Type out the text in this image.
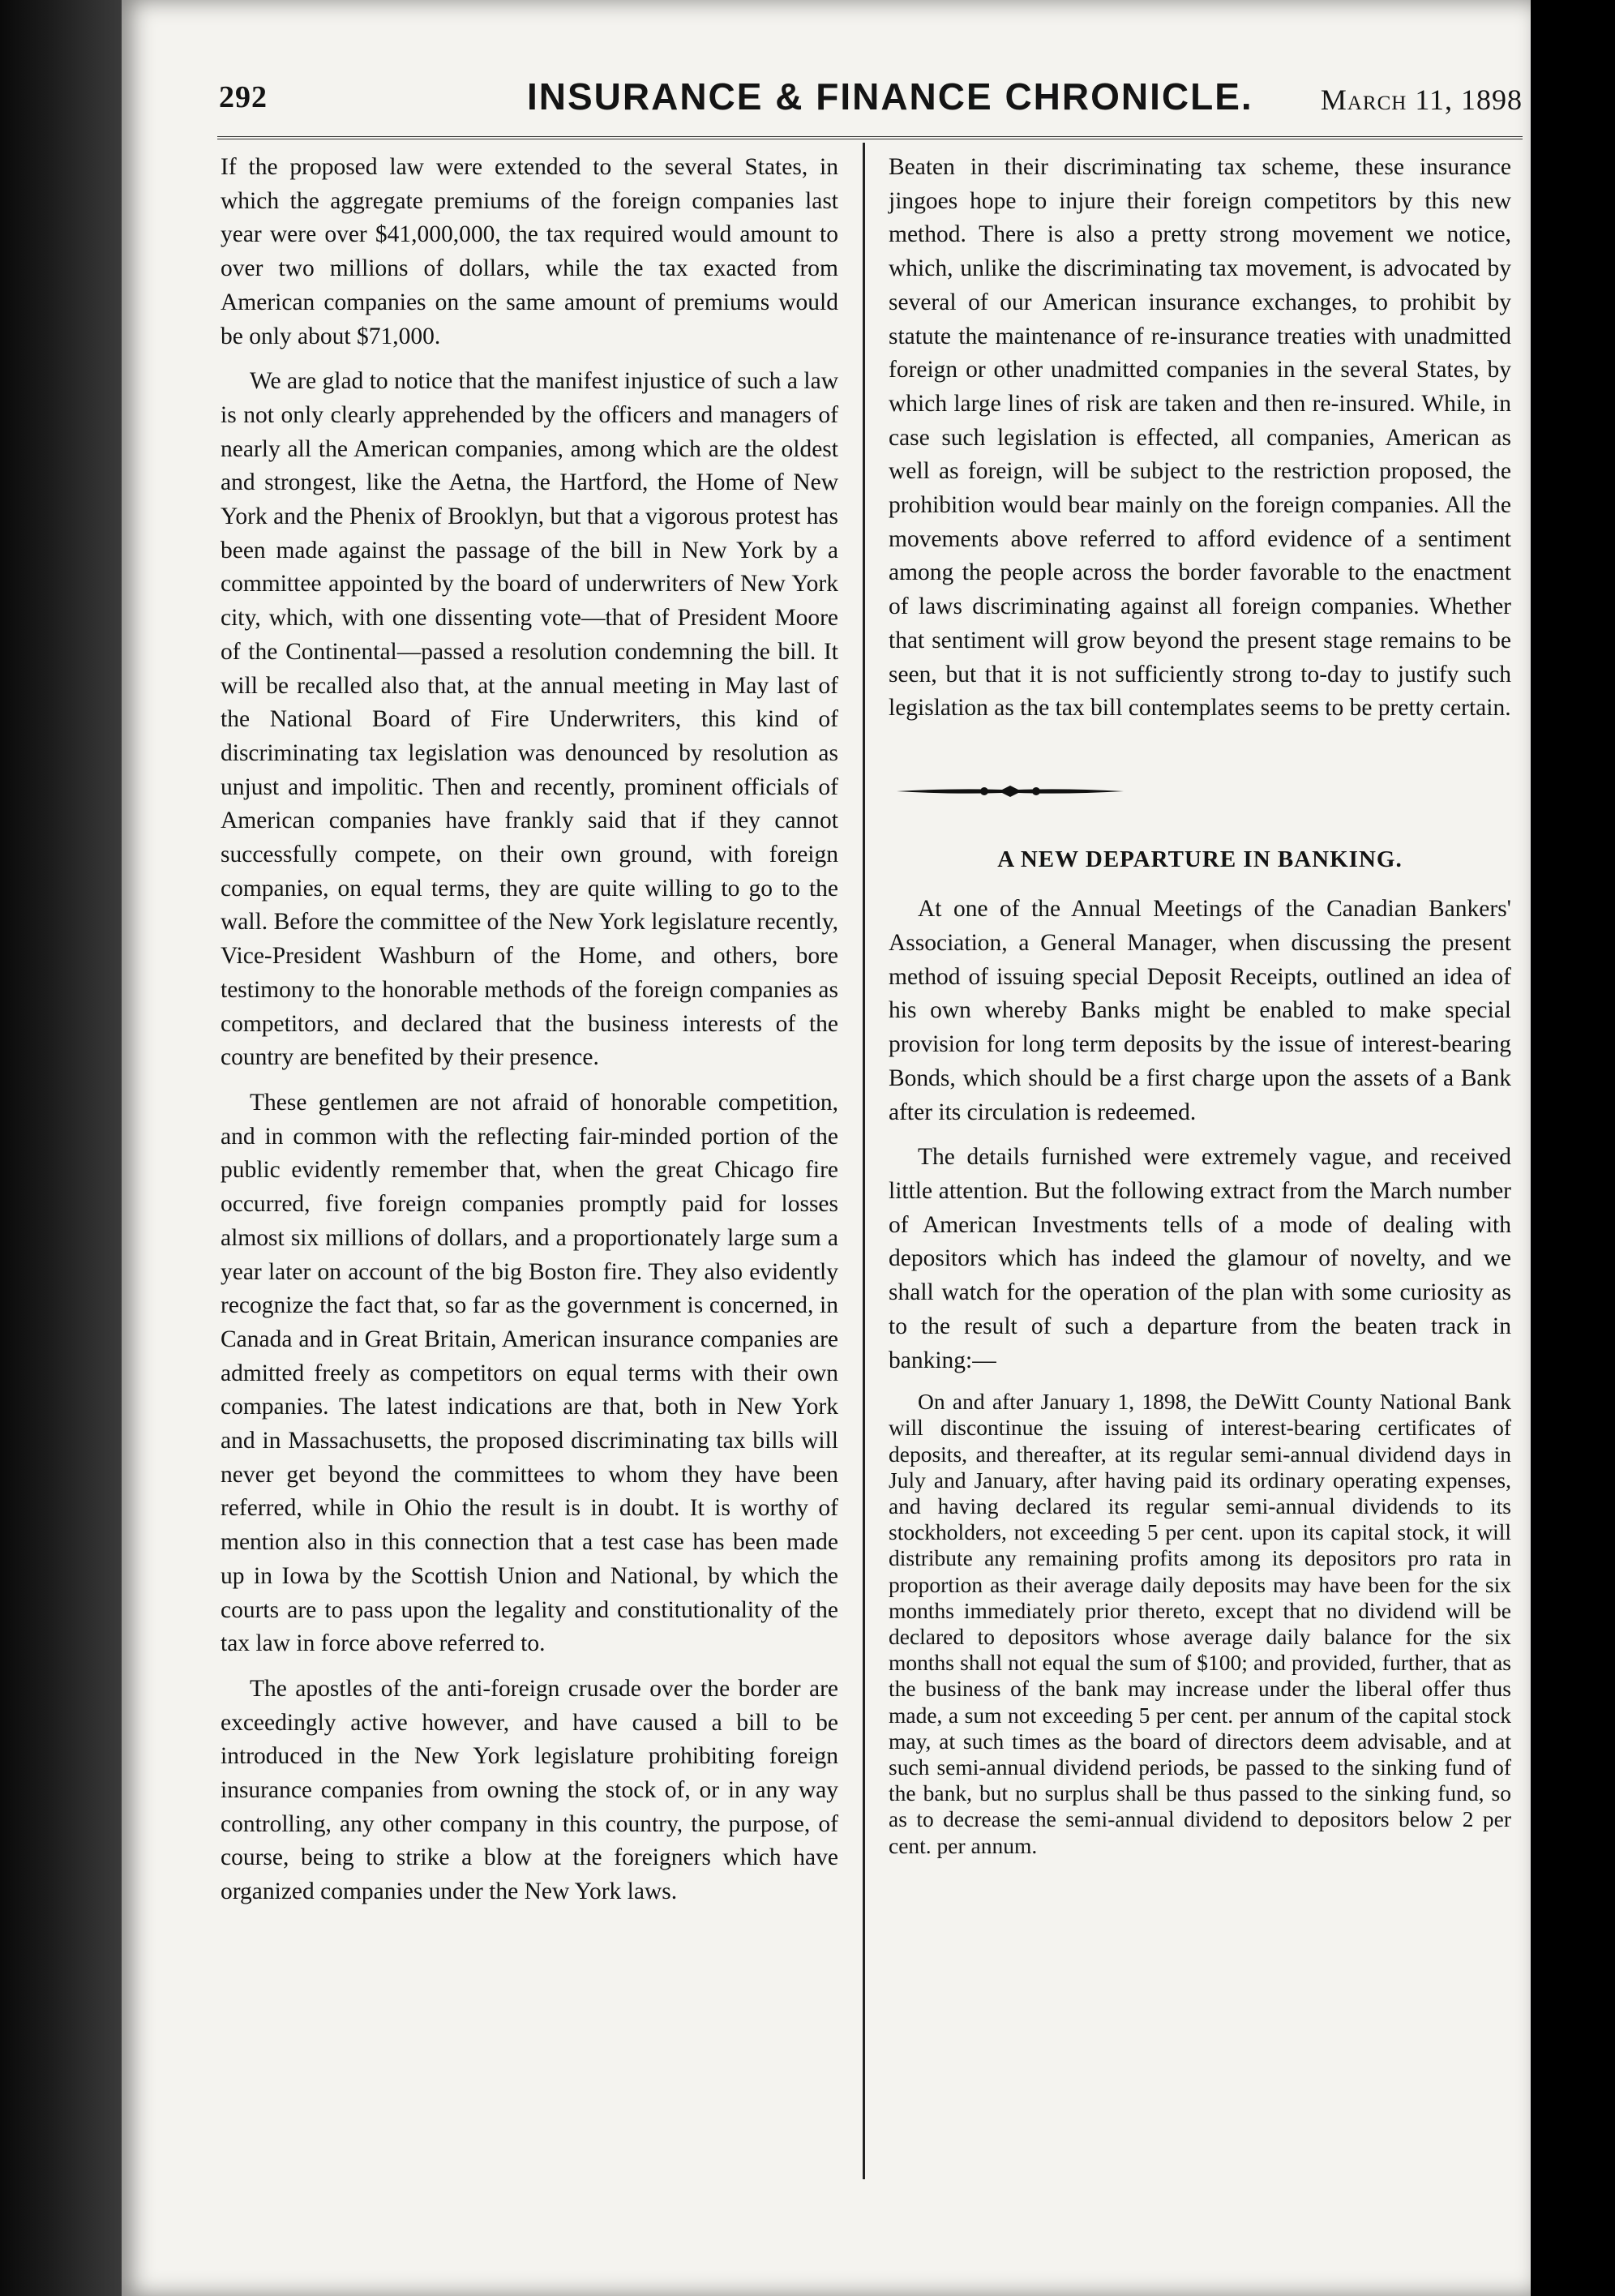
292	INSURANCE & FINANCE CHRONICLE. March 11, 1898

If the proposed law were extended to the several States, in which the aggregate premiums of the foreign companies last year were over $41,000,000, the tax required would amount to over two millions of dollars, while the tax exacted from American companies on the same amount of premiums would be only about $71,000.

We are glad to notice that the manifest injustice of such a law is not only clearly apprehended by the officers and managers of nearly all the American companies, among which are the oldest and strongest, like the Aetna, the Hartford, the Home of New York and the Phenix of Brooklyn, but that a vigorous protest has been made against the passage of the bill in New York by a committee appointed by the board of underwriters of New York city, which, with one dissenting vote—that of President Moore of the Continental—passed a resolution condemning the bill. It will be recalled also that, at the annual meeting in May last of the National Board of Fire Underwriters, this kind of discriminating tax legislation was denounced by resolution as unjust and impolitic. Then and recently, prominent officials of American companies have frankly said that if they cannot successfully compete, on their own ground, with foreign companies, on equal terms, they are quite willing to go to the wall. Before the committee of the New York legislature recently, Vice-President Washburn of the Home, and others, bore testimony to the honorable methods of the foreign companies as competitors, and declared that the business interests of the country are benefited by their presence.

These gentlemen are not afraid of honorable competition, and in common with the reflecting fair-minded portion of the public evidently remember that, when the great Chicago fire occurred, five foreign companies promptly paid for losses almost six millions of dollars, and a proportionately large sum a year later on account of the big Boston fire. They also evidently recognize the fact that, so far as the government is concerned, in Canada and in Great Britain, American insurance companies are admitted freely as competitors on equal terms with their own companies. The latest indications are that, both in New York and in Massachusetts, the proposed discriminating tax bills will never get beyond the committees to whom they have been referred, while in Ohio the result is in doubt. It is worthy of mention also in this connection that a test case has been made up in Iowa by the Scottish Union and National, by which the courts are to pass upon the legality and constitutionality of the tax law in force above referred to.

The apostles of the anti-foreign crusade over the border are exceedingly active however, and have caused a bill to be introduced in the New York legislature prohibiting foreign insurance companies from owning the stock of, or in any way controlling, any other company in this country, the purpose, of course, being to strike a blow at the foreigners which have organized companies under the New York laws.

Beaten in their discriminating tax scheme, these insurance jingoes hope to injure their foreign competitors by this new method. There is also a pretty strong movement we notice, which, unlike the discriminating tax movement, is advocated by several of our American insurance exchanges, to prohibit by statute the maintenance of re-insurance treaties with unadmitted foreign or other unadmitted companies in the several States, by which large lines of risk are taken and then re-insured. While, in case such legislation is effected, all companies, American as well as foreign, will be subject to the restriction proposed, the prohibition would bear mainly on the foreign companies. All the movements above referred to afford evidence of a sentiment among the people across the border favorable to the enactment of laws discriminating against all foreign companies. Whether that sentiment will grow beyond the present stage remains to be seen, but that it is not sufficiently strong to-day to justify such legislation as the tax bill contemplates seems to be pretty certain.

A NEW DEPARTURE IN BANKING.

At one of the Annual Meetings of the Canadian Bankers' Association, a General Manager, when discussing the present method of issuing special Deposit Receipts, outlined an idea of his own whereby Banks might be enabled to make special provision for long term deposits by the issue of interest-bearing Bonds, which should be a first charge upon the assets of a Bank after its circulation is redeemed.

The details furnished were extremely vague, and received little attention. But the following extract from the March number of American Investments tells of a mode of dealing with depositors which has indeed the glamour of novelty, and we shall watch for the operation of the plan with some curiosity as to the result of such a departure from the beaten track in banking:—

On and after January 1, 1898, the DeWitt County National Bank will discontinue the issuing of interest-bearing certificates of deposits, and thereafter, at its regular semi-annual dividend days in July and January, after having paid its ordinary operating expenses, and having declared its regular semi-annual dividends to its stockholders, not exceeding 5 per cent. upon its capital stock, it will distribute any remaining profits among its depositors pro rata in proportion as their average daily deposits may have been for the six months immediately prior thereto, except that no dividend will be declared to depositors whose average daily balance for the six months shall not equal the sum of $100; and provided, further, that as the business of the bank may increase under the liberal offer thus made, a sum not exceeding 5 per cent. per annum of the capital stock may, at such times as the board of directors deem advisable, and at such semi-annual dividend periods, be passed to the sinking fund of the bank, but no surplus shall be thus passed to the sinking fund, so as to decrease the semi-annual dividend to depositors below 2 per cent. per annum.
